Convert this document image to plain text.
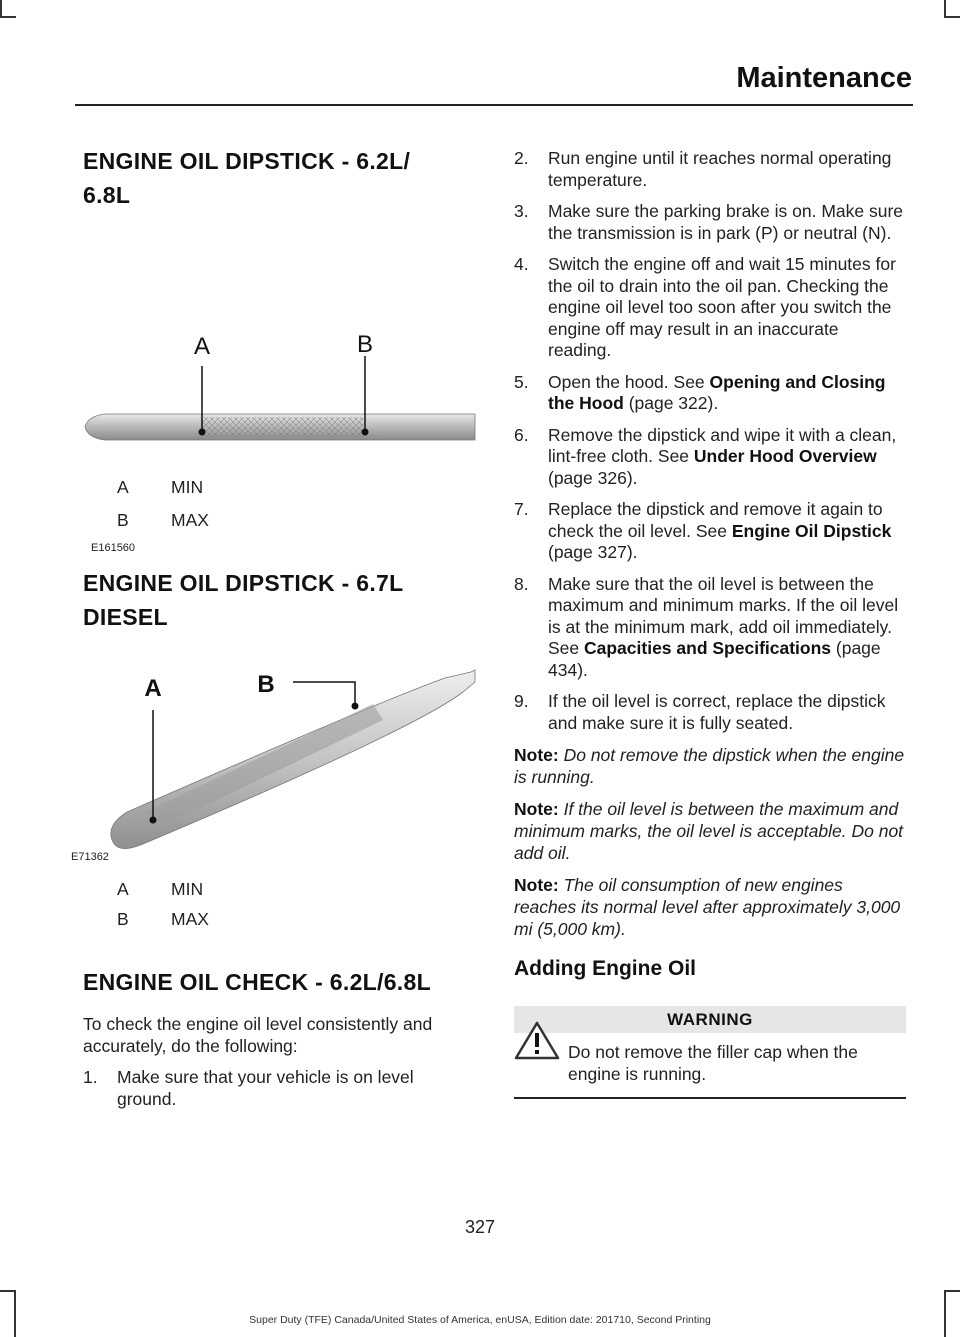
Maintenance
ENGINE OIL DIPSTICK - 6.2L/
6.8L
A	B
E161560
A	MIN
B	MAX
ENGINE OIL DIPSTICK - 6.7L
DIESEL
A	B
E71362
A	MIN
B	MAX
ENGINE OIL CHECK - 6.2L/6.8L

To check the engine oil level consistently and accurately, do the following:

1.	Make sure that your vehicle is on level ground.
2.	Run engine until it reaches normal operating temperature.
3.	Make sure the parking brake is on. Make sure the transmission is in park (P) or neutral (N).
4.	Switch the engine off and wait 15 minutes for the oil to drain into the oil pan. Checking the engine oil level too soon after you switch the engine off may result in an inaccurate reading.
5.	Open the hood. See Opening and Closing the Hood (page 322).
6.	Remove the dipstick and wipe it with a clean, lint-free cloth. See Under Hood Overview (page 326).
7.	Replace the dipstick and remove it again to check the oil level. See Engine Oil Dipstick (page 327).
8.	Make sure that the oil level is between the maximum and minimum marks. If the oil level is at the minimum mark, add oil immediately. See Capacities and Specifications (page 434).
9.	If the oil level is correct, replace the dipstick and make sure it is fully seated.
Note: Do not remove the dipstick when the engine is running.
Note: If the oil level is between the maximum and minimum marks, the oil level is acceptable. Do not add oil.
Note: The oil consumption of new engines reaches its normal level after approximately 3,000 mi (5,000 km).
Adding Engine Oil
WARNING
Do not remove the filler cap when the engine is running.
327
Super Duty (TFE) Canada/United States of America, enUSA, Edition date: 201710, Second Printing
